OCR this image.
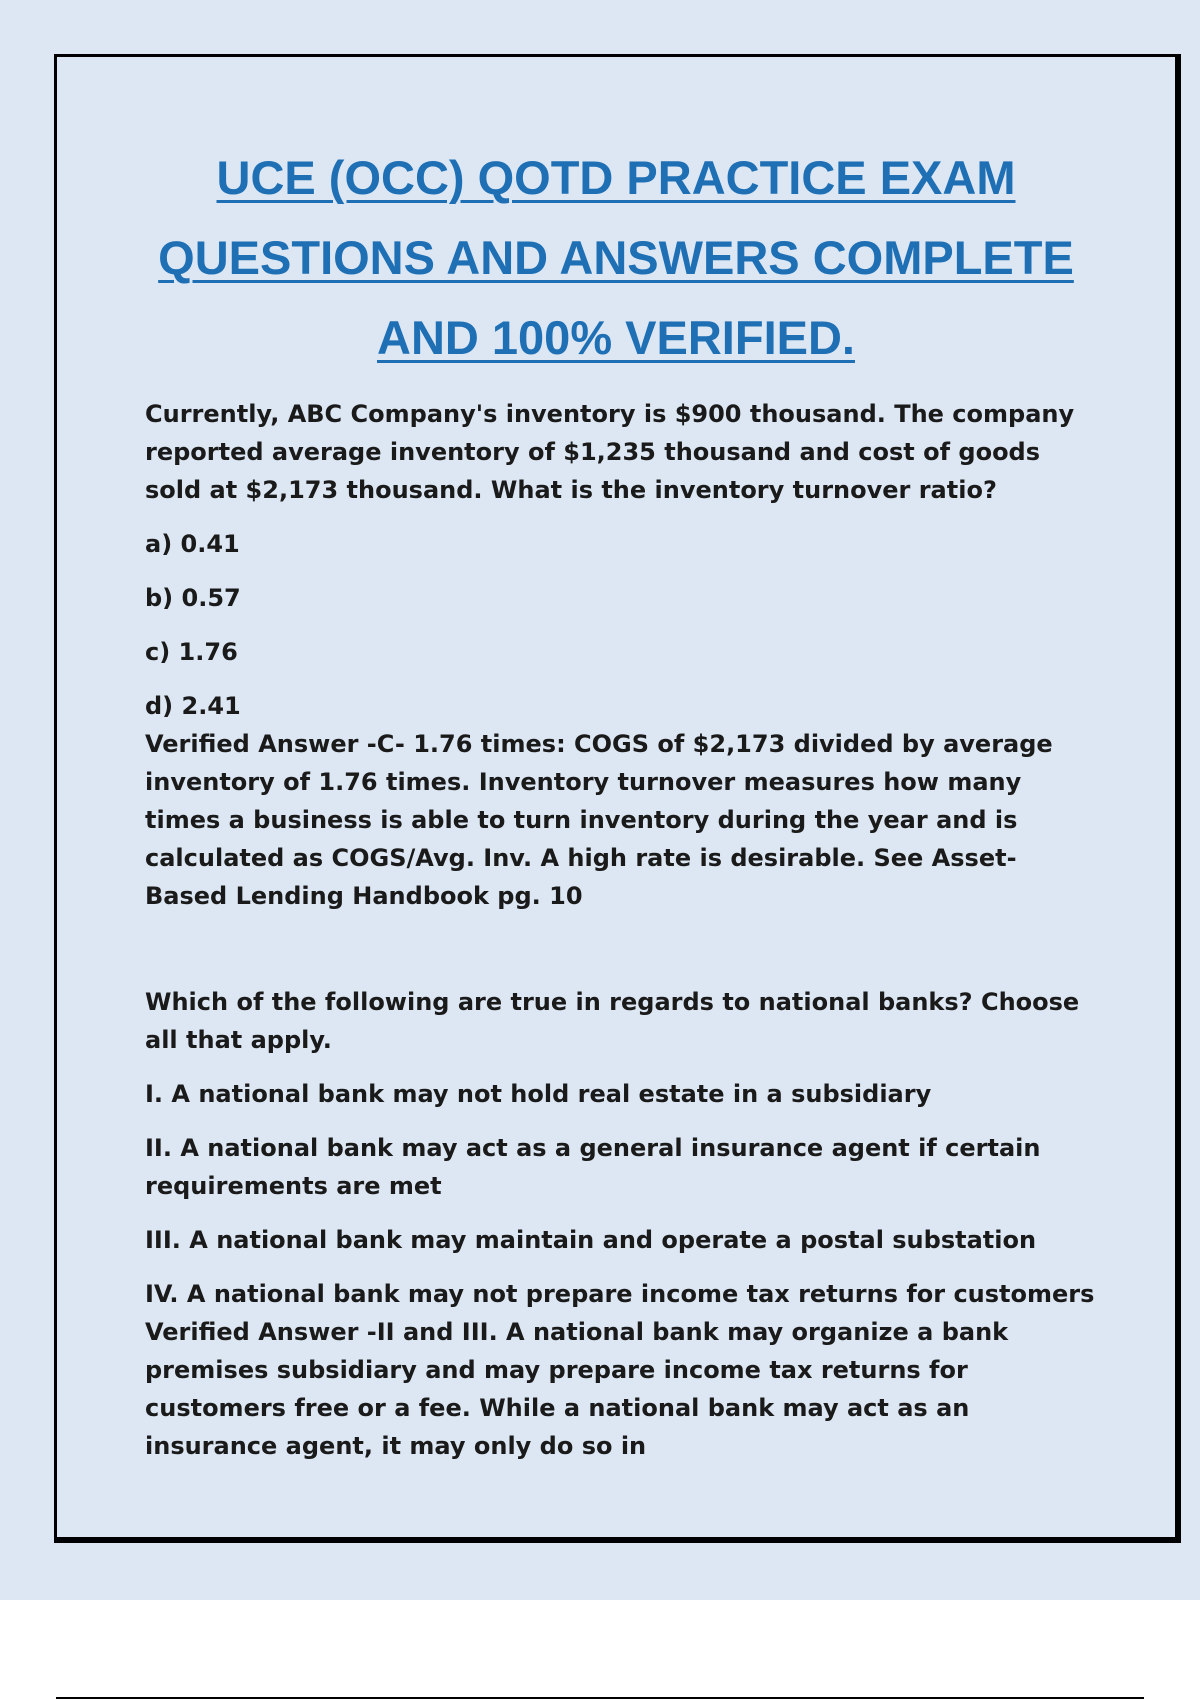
UCE (OCC) QOTD PRACTICE EXAM
QUESTIONS AND ANSWERS COMPLETE
AND 100% VERIFIED.

Currently, ABC Company's inventory is $900 thousand. The company reported average inventory of $1,235 thousand and cost of goods sold at $2,173 thousand. What is the inventory turnover ratio?

a) 0.41

b) 0.57

c) 1.76

d) 2.41

Verified Answer -C- 1.76 times: COGS of $2,173 divided by average inventory of 1.76 times. Inventory turnover measures how many times a business is able to turn inventory during the year and is calculated as COGS/Avg. Inv. A high rate is desirable. See Asset-Based Lending Handbook pg. 10

Which of the following are true in regards to national banks? Choose all that apply.

I. A national bank may not hold real estate in a subsidiary

II. A national bank may act as a general insurance agent if certain requirements are met

III. A national bank may maintain and operate a postal substation

IV. A national bank may not prepare income tax returns for customers

Verified Answer -II and III. A national bank may organize a bank premises subsidiary and may prepare income tax returns for customers free or a fee. While a national bank may act as an insurance agent, it may only do so in
